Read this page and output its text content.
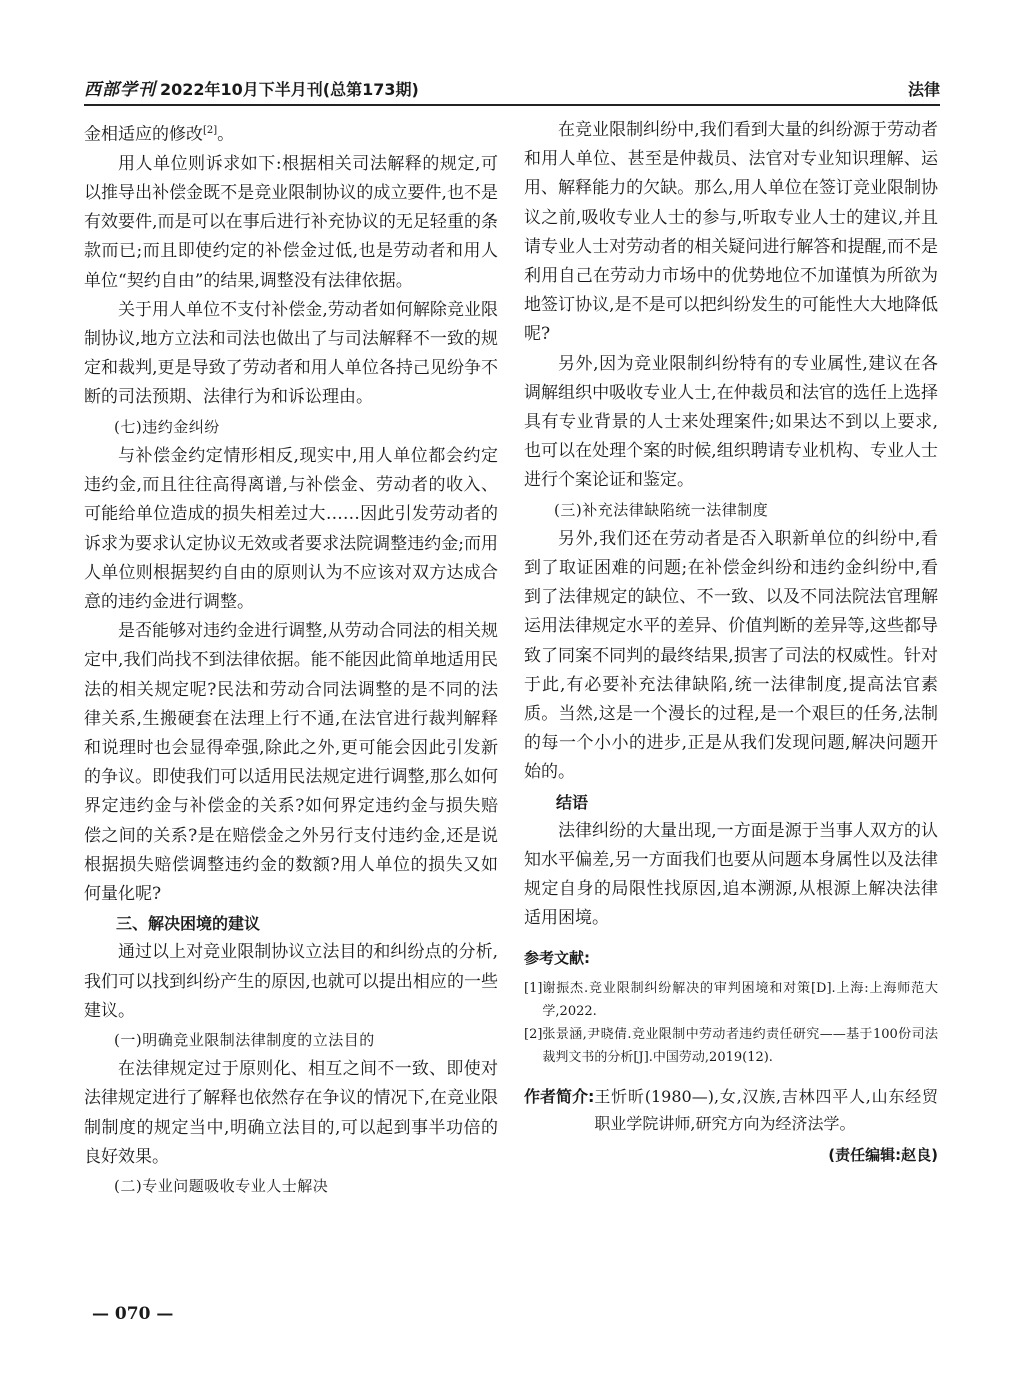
西部学刊 2022年10月下半月刊(总第173期)	法律

金相适应的修改[2]。

用人单位则诉求如下:根据相关司法解释的规定,可以推导出补偿金既不是竞业限制协议的成立要件,也不是有效要件,而是可以在事后进行补充协议的无足轻重的条款而已;而且即使约定的补偿金过低,也是劳动者和用人单位“契约自由”的结果,调整没有法律依据。

关于用人单位不支付补偿金,劳动者如何解除竞业限制协议,地方立法和司法也做出了与司法解释不一致的规定和裁判,更是导致了劳动者和用人单位各持己见纷争不断的司法预期、法律行为和诉讼理由。

(七)违约金纠纷

与补偿金约定情形相反,现实中,用人单位都会约定违约金,而且往往高得离谱,与补偿金、劳动者的收入、可能给单位造成的损失相差过大……因此引发劳动者的诉求为要求认定协议无效或者要求法院调整违约金;而用人单位则根据契约自由的原则认为不应该对双方达成合意的违约金进行调整。

是否能够对违约金进行调整,从劳动合同法的相关规定中,我们尚找不到法律依据。能不能因此简单地适用民法的相关规定呢?民法和劳动合同法调整的是不同的法律关系,生搬硬套在法理上行不通,在法官进行裁判解释和说理时也会显得牵强,除此之外,更可能会因此引发新的争议。即使我们可以适用民法规定进行调整,那么如何界定违约金与补偿金的关系?如何界定违约金与损失赔偿之间的关系?是在赔偿金之外另行支付违约金,还是说根据损失赔偿调整违约金的数额?用人单位的损失又如何量化呢?

三、解决困境的建议

通过以上对竞业限制协议立法目的和纠纷点的分析,我们可以找到纠纷产生的原因,也就可以提出相应的一些建议。

(一)明确竞业限制法律制度的立法目的

在法律规定过于原则化、相互之间不一致、即使对法律规定进行了解释也依然存在争议的情况下,在竞业限制制度的规定当中,明确立法目的,可以起到事半功倍的良好效果。

(二)专业问题吸收专业人士解决

在竞业限制纠纷中,我们看到大量的纠纷源于劳动者和用人单位、甚至是仲裁员、法官对专业知识理解、运用、解释能力的欠缺。那么,用人单位在签订竞业限制协议之前,吸收专业人士的参与,听取专业人士的建议,并且请专业人士对劳动者的相关疑问进行解答和提醒,而不是利用自己在劳动力市场中的优势地位不加谨慎为所欲为地签订协议,是不是可以把纠纷发生的可能性大大地降低呢?

另外,因为竞业限制纠纷特有的专业属性,建议在各调解组织中吸收专业人士,在仲裁员和法官的选任上选择具有专业背景的人士来处理案件;如果达不到以上要求,也可以在处理个案的时候,组织聘请专业机构、专业人士进行个案论证和鉴定。

(三)补充法律缺陷统一法律制度

另外,我们还在劳动者是否入职新单位的纠纷中,看到了取证困难的问题;在补偿金纠纷和违约金纠纷中,看到了法律规定的缺位、不一致、以及不同法院法官理解运用法律规定水平的差异、价值判断的差异等,这些都导致了同案不同判的最终结果,损害了司法的权威性。针对于此,有必要补充法律缺陷,统一法律制度,提高法官素质。当然,这是一个漫长的过程,是一个艰巨的任务,法制的每一个小小的进步,正是从我们发现问题,解决问题开始的。

结语

法律纠纷的大量出现,一方面是源于当事人双方的认知水平偏差,另一方面我们也要从问题本身属性以及法律规定自身的局限性找原因,追本溯源,从根源上解决法律适用困境。

参考文献:
[1] 谢振杰.竞业限制纠纷解决的审判困境和对策[D].上海:上海师范大学,2022.
[2] 张景涵,尹晓倩.竞业限制中劳动者违约责任研究——基于100份司法裁判文书的分析[J].中国劳动,2019(12).
作者简介: 王忻昕(1980—),女,汉族,吉林四平人,山东经贸职业学院讲师,研究方向为经济法学。
(责任编辑:赵良)
— 070 —
